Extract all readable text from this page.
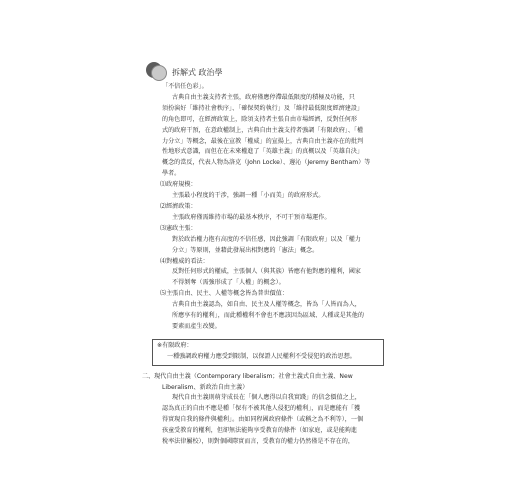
拆解式 政治學

「不信任色彩」。

古典自由主義支持者主張，政府僅應停滯最低限度的積極及功能，只

須扮演好「維持社會秩序」、「確保契約執行」及「維持最低限度經濟建設」

的角色即可，在經濟政策上，除須支持者主張自由市場經濟，反對任何形

式的政府干預，在意政權制上，古典自由主義支持者強調「有限政府」、「權

力分立」等概念，最後在宣教「權威」的宣揚上，古典自由主義亦在的批判

性地形式意識，而但在在未來權進了「英雄主義」的真概以及「英雄自決」

概念的當反，代表人物為洛克（John Locke）、邊沁（Jeremy Bentham）等

學者。

⑴政府規模：

主張最小程度的干涉，強調一種「小而美」的政府形式。

⑵經濟政策：

主張政府僅需維持市場的最基本秩序，不可干預市場運作。

⑶憲政主張：

對於政治權力抱有高度的不信任感，因此強調「有限政府」以及「權力

分立」等原則，並藉此發展出相對應的「憲法」概念。

⑷對權威的看法：

反對任何形式的權威，主張個人（與其族）皆應有他對應的權利，國家

不得剝奪（需強形成了「人權」的概念）。

⑸主張自由、民主、人權等概念皆為普世價值：

古典自由主義認為，如自由、民主及人權等概念，皆為「人皆而為人，

所應享有的權利」，而此種權利不會也不應該因為區域、人種或是其他的

要素而產生改變。

※有限政府：

一種強調政府權力應受到限制，以保證人民權利不受侵犯的政治思想。

二、現代自由主義（Contemporary liberalism；社會主義式自由主義、New

Liberalism、新政治自由主義）

現代自由主義則萌芽成長在「個人應得以自我實踐」的信念價值之上，

認為真正的自由不應是種「保有不被其他人侵犯的權利」，而是應能有「獲

得實現自我的條件與權利」。由如同程國政府條件（或稱之為不利等），一個

孩童受教育的權利，但卻無法能夠享受教育的條件（如家庭，或是能夠進

稅率法律屬校），則對個國際實而言，受教育的權力仍然僅是不存在的，
